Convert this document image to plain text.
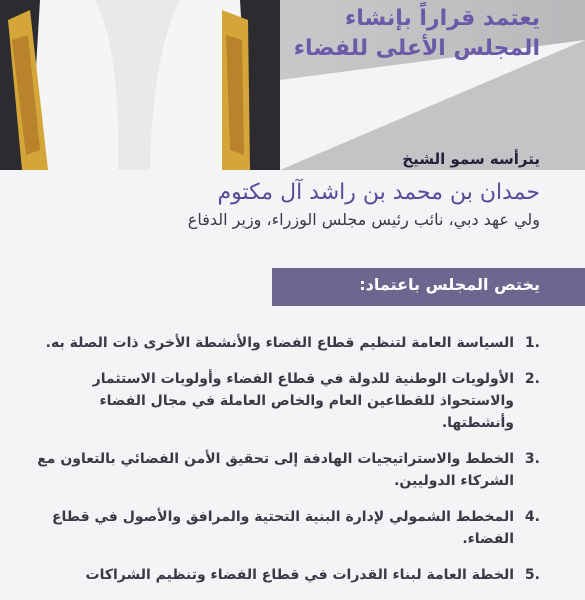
يعتمد قراراً بإنشاء
المجلس الأعلى للفضاء
يترأسه سمو الشيخ
حمدان بن محمد بن راشد آل مكتوم
ولي عهد دبي، نائب رئيس مجلس الوزراء، وزير الدفاع
يختص المجلس باعتماد:
.1
السياسة العامة لتنظيم قطاع الفضاء والأنشطة الأخرى ذات الصلة به.
.2
الأولويات الوطنية للدولة في قطاع الفضاء وأولويات الاستثمار والاستحواذ للقطاعين العام والخاص العاملة في مجال الفضاء وأنشطتها.
.3
الخطط والاستراتيجيات الهادفة إلى تحقيق الأمن الفضائي بالتعاون مع الشركاء الدوليين.
.4
المخطط الشمولي لإدارة البنية التحتية والمرافق والأصول في قطاع الفضاء.
.5
الخطة العامة لبناء القدرات في قطاع الفضاء وتنظيم الشراكات
